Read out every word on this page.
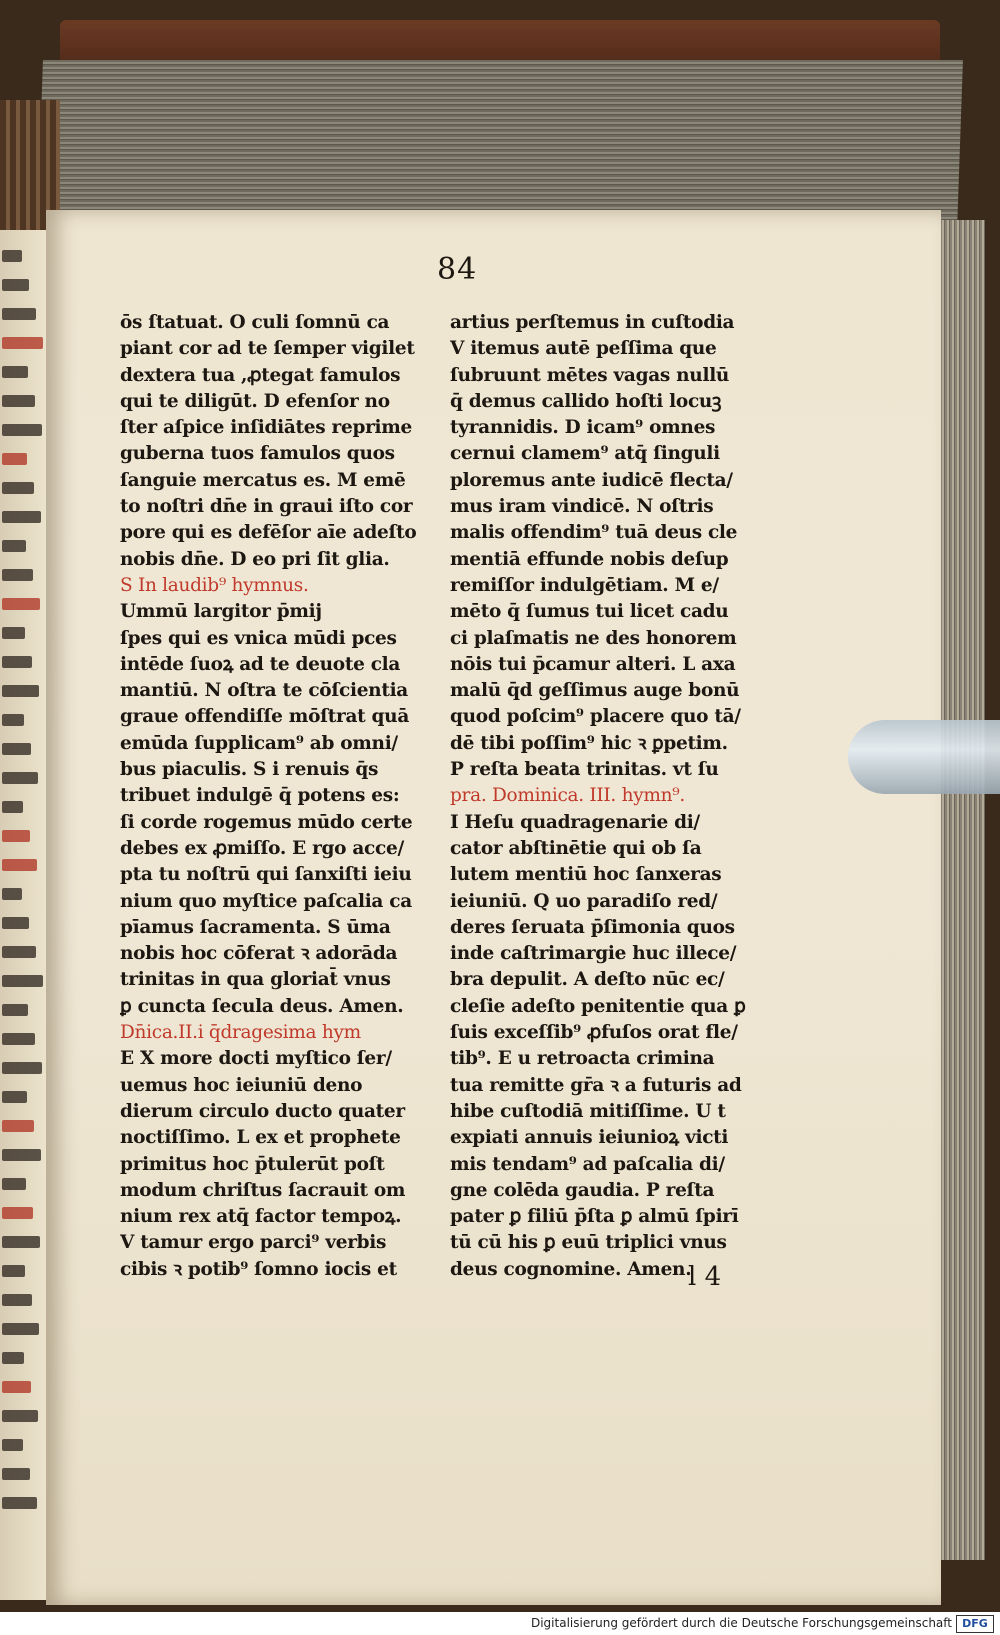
84
ōs ſtatuat. O culi ſomnū ca
piant cor ad te ſemper vigilet
dextera tua ,ꝓtegat famulos
qui te diligūt. D efenſor no
ſter aſpice inſidiātes reprime
guberna tuos famulos quos
ſanguie mercatus es. M emē
to noſtri dn̄e in graui iſto cor
pore qui es defēſor aīe adeſto
nobis dn̄e. D eo pri ſit glia.
S In laudib⁹ hymnus.
Ummū largitor p̄mij
ſpes qui es vnica mūdi pces
intēde ſuoꝝ ad te deuote cla
mantiū. N oſtra te cōſcientia
graue offendiſſe mōſtrat quā
emūda ſupplicam⁹ ab omni/
bus piaculis. S i renuis q̄s
tribuet indulgē q̄ potens es:
ſi corde rogemus mūdo certe
debes ex ꝓmiſſo. E rgo acce/
pta tu noſtrū qui ſanxiſti ieiu
nium quo myſtice paſcalia ca
pīamus ſacramenta. S ūma
nobis hoc cōferat ꝛ adorāda
trinitas in qua gloriat̄ vnus
ꝑ cuncta ſecula deus. Amen.
Dn̄ica.II.i q̄dragesima hym
E X more docti myſtico ſer/
uemus hoc ieiuniū deno
dierum circulo ducto quater
noctiſſimo. L ex et prophete
primitus hoc p̄tulerūt poſt
modum chriſtus ſacrauit om
nium rex atq̄ factor tempoꝝ.
V tamur ergo parci⁹ verbis
cibis ꝛ potib⁹ ſomno iocis et
artius perſtemus in cuſtodia
V itemus autē peſſima que
ſubruunt mētes vagas nullū
q̄ demus callido hoſti locuꝫ
tyrannidis. D icam⁹ omnes
cernui clamem⁹ atq̄ ſinguli
ploremus ante iudicē flecta/
mus iram vindicē. N oſtris
malis offendim⁹ tuā deus cle
mentiā effunde nobis deſup
remiſſor indulgētiam. M e/
mēto q̄ ſumus tui licet cadu
ci plaſmatis ne des honorem
nōis tui p̄camur alteri. L axa
malū q̄d geſſimus auge bonū
quod poſcim⁹ placere quo tā/
dē tibi poſſim⁹ hic ꝛ ꝑpetim.
P reſta beata trinitas. vt ſu
pra. Dominica. III. hymn⁹.
I Heſu quadragenarie di/
cator abſtinētie qui ob ſa
lutem mentiū hoc ſanxeras
ieiuniū. Q uo paradiſo red/
deres ſeruata p̄ſimonia quos
inde caſtrimargie huc illece/
bra depulit. A deſto nūc ec/
cleſie adeſto penitentie qua ꝑ
ſuis exceſſib⁹ ꝓfuſos orat fle/
tib⁹. E u retroacta crimina
tua remitte gr̄a ꝛ a futuris ad
hibe cuſtodiā mitiſſime. U t
expiati annuis ieiunioꝝ victi
mis tendam⁹ ad paſcalia di/
gne colēda gaudia. P reſta
pater ꝑ filiū p̄ſta ꝑ almū ſpirī
tū cū his ꝑ euū triplici vnus
deus cognomine. Amen.
l 4
Digitalisierung gefördert durch die Deutsche Forschungsgemeinschaft DFG
